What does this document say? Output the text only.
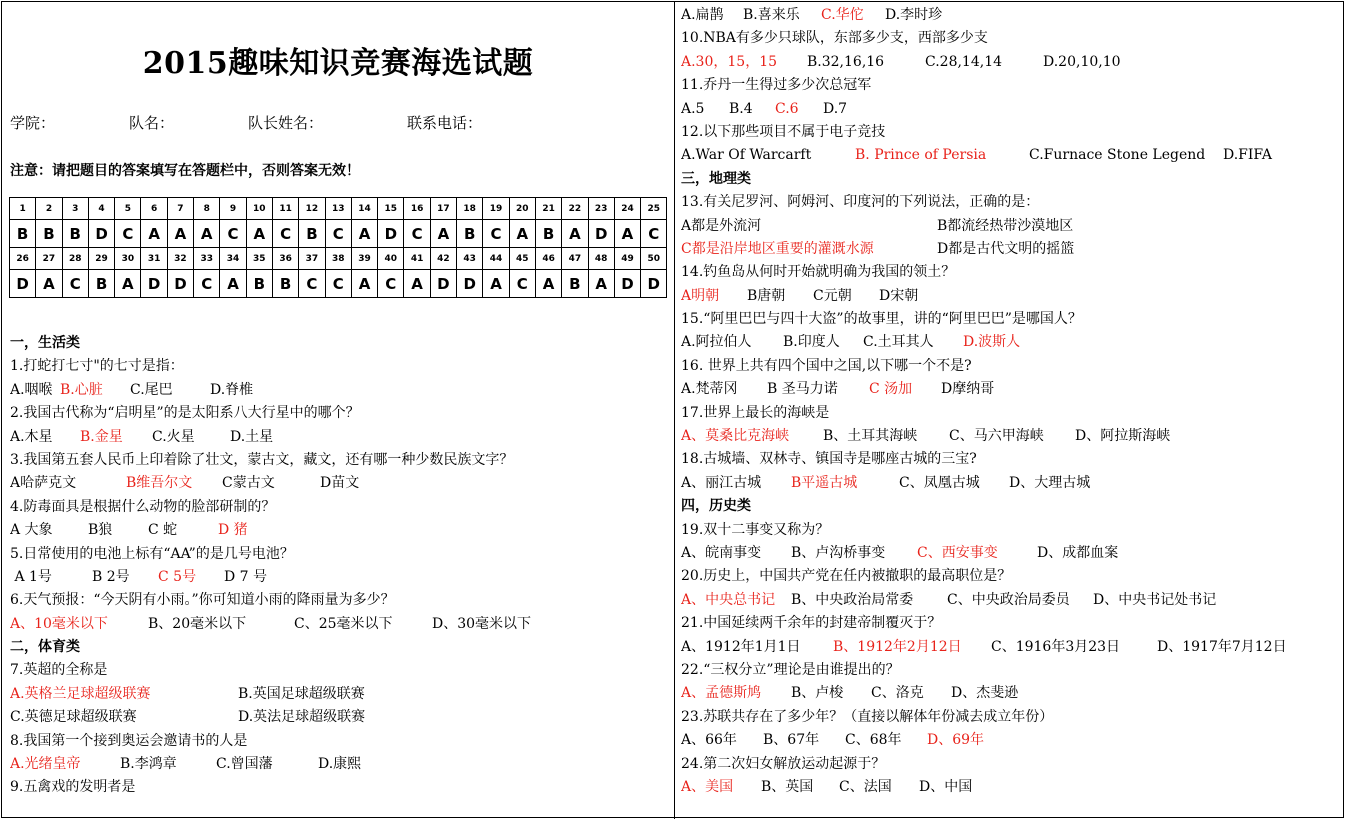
2015趣味知识竞赛海选试题
学院：	队名：	队长姓名：	联系电话：
注意：请把题目的答案填写在答题栏中，否则答案无效！
1	2	3	4	5	6	7	8	9	10	11	12	13	14	15	16	17	18	19	20	21	22	23	24	25
B	B	B	D	C	A	A	A	C	A	C	B	C	A	D	C	A	B	C	A	B	A	D	A	C
26	27	28	29	30	31	32	33	34	35	36	37	38	39	40	41	42	43	44	45	46	47	48	49	50
D	A	C	B	A	D	D	C	A	B	B	C	C	A	C	A	D	D	A	C	A	B	A	D	D
一，生活类
1.打蛇打七寸"的七寸是指：
A.咽喉 B.心脏 C.尾巴	D.脊椎
2.我国古代称为“启明星”的是太阳系八大行星中的哪个？
A.木星 B.金星 C.火星	D.土星
3.我国第五套人民币上印着除了壮文，蒙古文，藏文，还有哪一种少数民族文字？
A哈萨克文	B维吾尔文 C蒙古文	D苗文
4.防毒面具是根据什么动物的脸部研制的？
A 大象	B狼	C 蛇	D 猪
5.日常使用的电池上标有“AA”的是几号电池？
A 1号	B 2号 C 5号 D 7 号
6.天气预报：“今天阴有小雨。”你可知道小雨的降雨量为多少？
A、10毫米以下	B、20毫米以下	C、25毫米以下	D、30毫米以下
二，体育类
7.英超的全称是
A.英格兰足球超级联赛	B.英国足球超级联赛
C.英德足球超级联赛	D.英法足球超级联赛
8.我国第一个接到奥运会邀请书的人是
A.光绪皇帝	B.李鸿章	C.曾国藩	D.康熙
9.五禽戏的发明者是
A.扁鹊 B.喜来乐 C.华佗 D.李时珍
10.NBA有多少只球队，东部多少支，西部多少支
A.30，15，15 B.32,16,16	C.28,14,14	D.20,10,10
11.乔丹一生得过多少次总冠军
A.5 B.4 C.6 D.7
12.以下那些项目不属于电子竞技
A.War Of Warcarft	B. Prince of Persia	C.Furnace Stone Legend D.FIFA
三，地理类
13.有关尼罗河、阿姆河、印度河的下列说法，正确的是：
A都是外流河	B都流经热带沙漠地区
C都是沿岸地区重要的灌溉水源	D都是古代文明的摇篮
14.钓鱼岛从何时开始就明确为我国的领土？
A明朝 B唐朝 C元朝 D宋朝
15.“阿里巴巴与四十大盗”的故事里，讲的“阿里巴巴”是哪国人？
A.阿拉伯人 B.印度人 C.土耳其人 D.波斯人
16. 世界上共有四个国中之国,以下哪一个不是?
A.梵蒂冈 B 圣马力诺 C 汤加 D摩纳哥
17.世界上最长的海峡是
A、莫桑比克海峡 B、土耳其海峡 C、马六甲海峡 D、阿拉斯海峡
18.古城墙、双林寺、镇国寺是哪座古城的三宝?
A、丽江古城 B平遥古城	C、凤凰古城 D、大理古城
四，历史类
19.双十二事变又称为？
A、皖南事变 B、卢沟桥事变 C、西安事变	D、成都血案
20.历史上，中国共产党在任内被撤职的最高职位是？
A、中央总书记 B、中央政治局常委 C、中央政治局委员 D、中央书记处书记
21.中国延续两千余年的封建帝制覆灭于？
A、1912年1月1日 B、1912年2月12日 C、1916年3月23日	D、1917年7月12日
22.“三权分立”理论是由谁提出的？
A、孟德斯鸠 B、卢梭 C、洛克 D、杰斐逊
23.苏联共存在了多少年？（直接以解体年份减去成立年份）
A、66年 B、67年 C、68年 D、69年
24.第二次妇女解放运动起源于？
A、美国 B、英国 C、法国 D、中国
